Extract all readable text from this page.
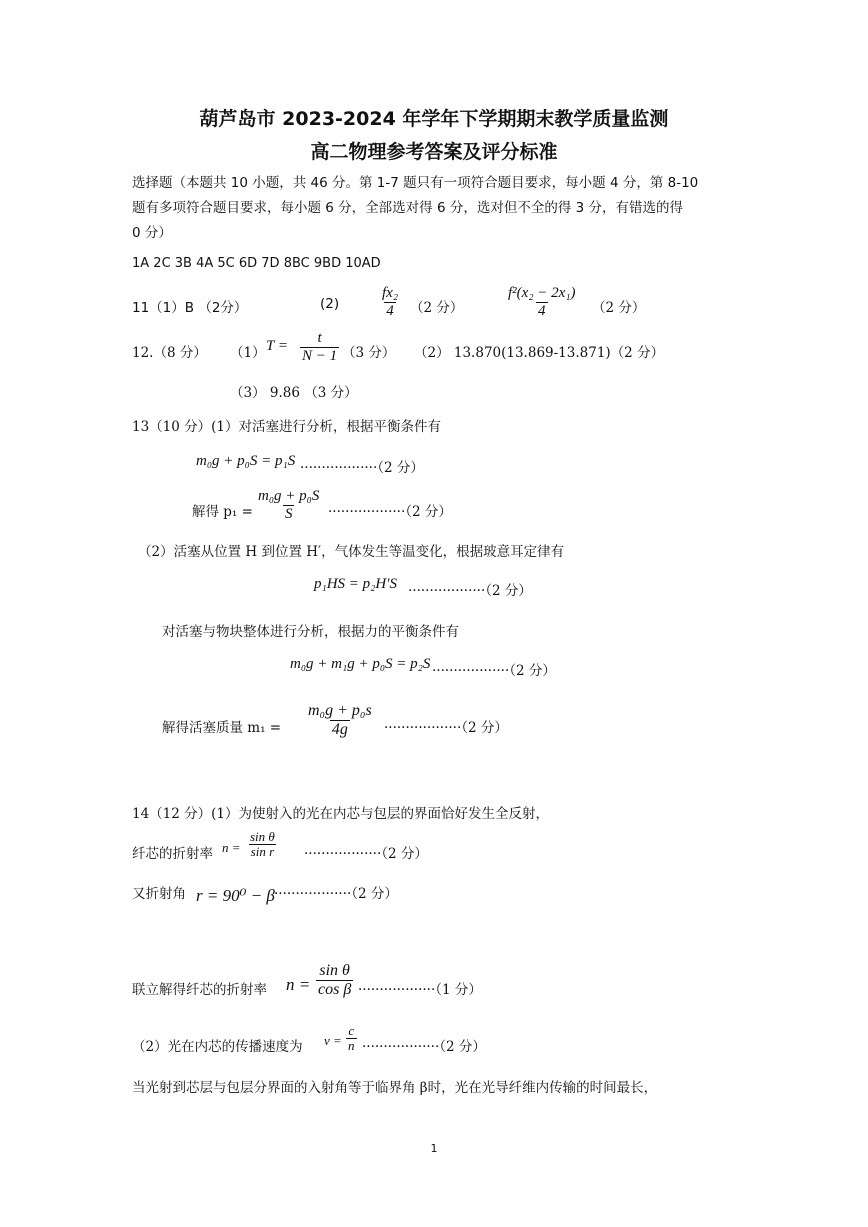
葫芦岛市 2023-2024 年学年下学期期末教学质量监测
高二物理参考答案及评分标准
选择题（本题共 10 小题，共 46 分。第 1-7 题只有一项符合题目要求，每小题 4 分，第 8-10
题有多项符合题目要求，每小题 6 分，全部选对得 6 分，选对但不全的得 3 分，有错选的得
0 分）
1A 2C 3B 4A 5C 6D 7D 8BC 9BD 10AD
11（1）B （2分）	(2)	$\frac{\text{fx₂}}{4} (2$ 分）	$\frac{\text{f²(x₂ − 2x₁)}}{4} (2$ 分）
12.（8 分） （1） $T = \frac{t}{N - 1} (3$ 分） （2） 13.870(13.869-13.871)（2 分）
（3） 9.86 （3 分）
13（10 分）(1）对活塞进行分析，根据平衡条件有
m₀g + p₀S = p₁S ··················（2 分）
解得 $p_1 = \frac{\text{m₀g + p₀S}}{S} \cdot\cdot\cdot\cdot\cdot\cdot\cdot\cdot\cdot\cdot\cdot\cdot\cdot\cdot\cdot\cdot\cdot\cdot(2$ 分）
（2）活塞从位置 H 到位置 H′，气体发生等温变化，根据玻意耳定律有
p₁HS = p₂H′S ··················（2 分）
对活塞与物块整体进行分析，根据力的平衡条件有
m₀g + m₁g + p₀S = p₂S ··················（2 分）
解得活塞质量 $m_1 = \frac{\text{m₀g + p₀s}}{4g} \cdot\cdot\cdot\cdot\cdot\cdot\cdot\cdot\cdot\cdot\cdot\cdot\cdot\cdot\cdot\cdot\cdot\cdot(2$ 分）
14（12 分）(1）为使射入的光在内芯与包层的界面恰好发生全反射，
纤芯的折射率 $n = \frac{\text{sin θ}}{\text{sin r}} \cdot\cdot\cdot\cdot\cdot\cdot\cdot\cdot\cdot\cdot\cdot\cdot\cdot\cdot\cdot\cdot\cdot\cdot(2$ 分）
又折射角 r = 90⁰ − β ··················（2 分）
联立解得纤芯的折射率 $n = \frac{\text{sin θ}}{\text{cos β}} \cdot\cdot\cdot\cdot\cdot\cdot\cdot\cdot\cdot\cdot\cdot\cdot\cdot\cdot\cdot\cdot\cdot\cdot(1$ 分）
（2）光在内芯的传播速度为 $v = \frac{c}{n} \cdot\cdot\cdot\cdot\cdot\cdot\cdot\cdot\cdot\cdot\cdot\cdot\cdot\cdot\cdot\cdot\cdot\cdot(2$ 分）
当光射到芯层与包层分界面的入射角等于临界角 β时，光在光导纤维内传输的时间最长，
1
